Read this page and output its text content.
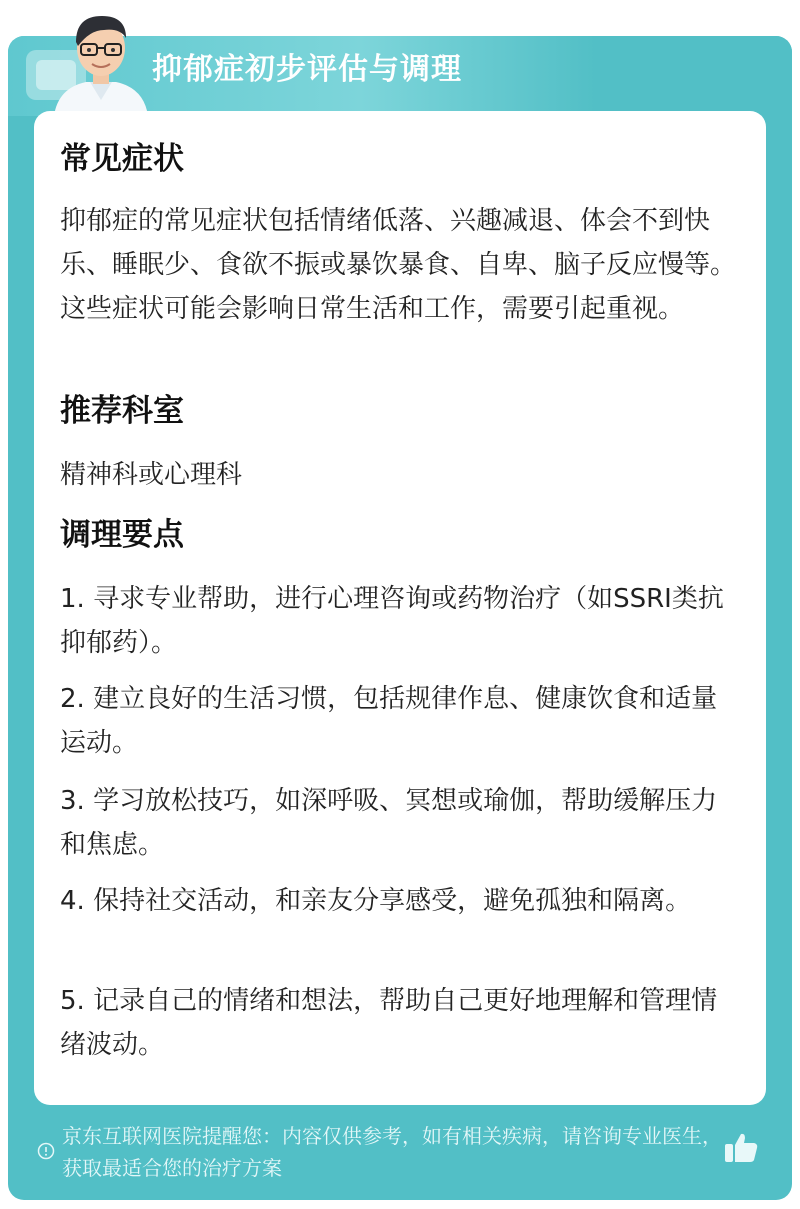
抑郁症初步评估与调理
常见症状
抑郁症的常见症状包括情绪低落、兴趣减退、体会不到快乐、睡眠少、食欲不振或暴饮暴食、自卑、脑子反应慢等。这些症状可能会影响日常生活和工作，需要引起重视。
推荐科室
精神科或心理科
调理要点
1. 寻求专业帮助，进行心理咨询或药物治疗（如SSRI类抗抑郁药）。
2. 建立良好的生活习惯，包括规律作息、健康饮食和适量运动。
3. 学习放松技巧，如深呼吸、冥想或瑜伽，帮助缓解压力和焦虑。
4. 保持社交活动，和亲友分享感受，避免孤独和隔离。
5. 记录自己的情绪和想法，帮助自己更好地理解和管理情绪波动。
京东互联网医院提醒您：内容仅供参考，如有相关疾病，请咨询专业医生，获取最适合您的治疗方案
